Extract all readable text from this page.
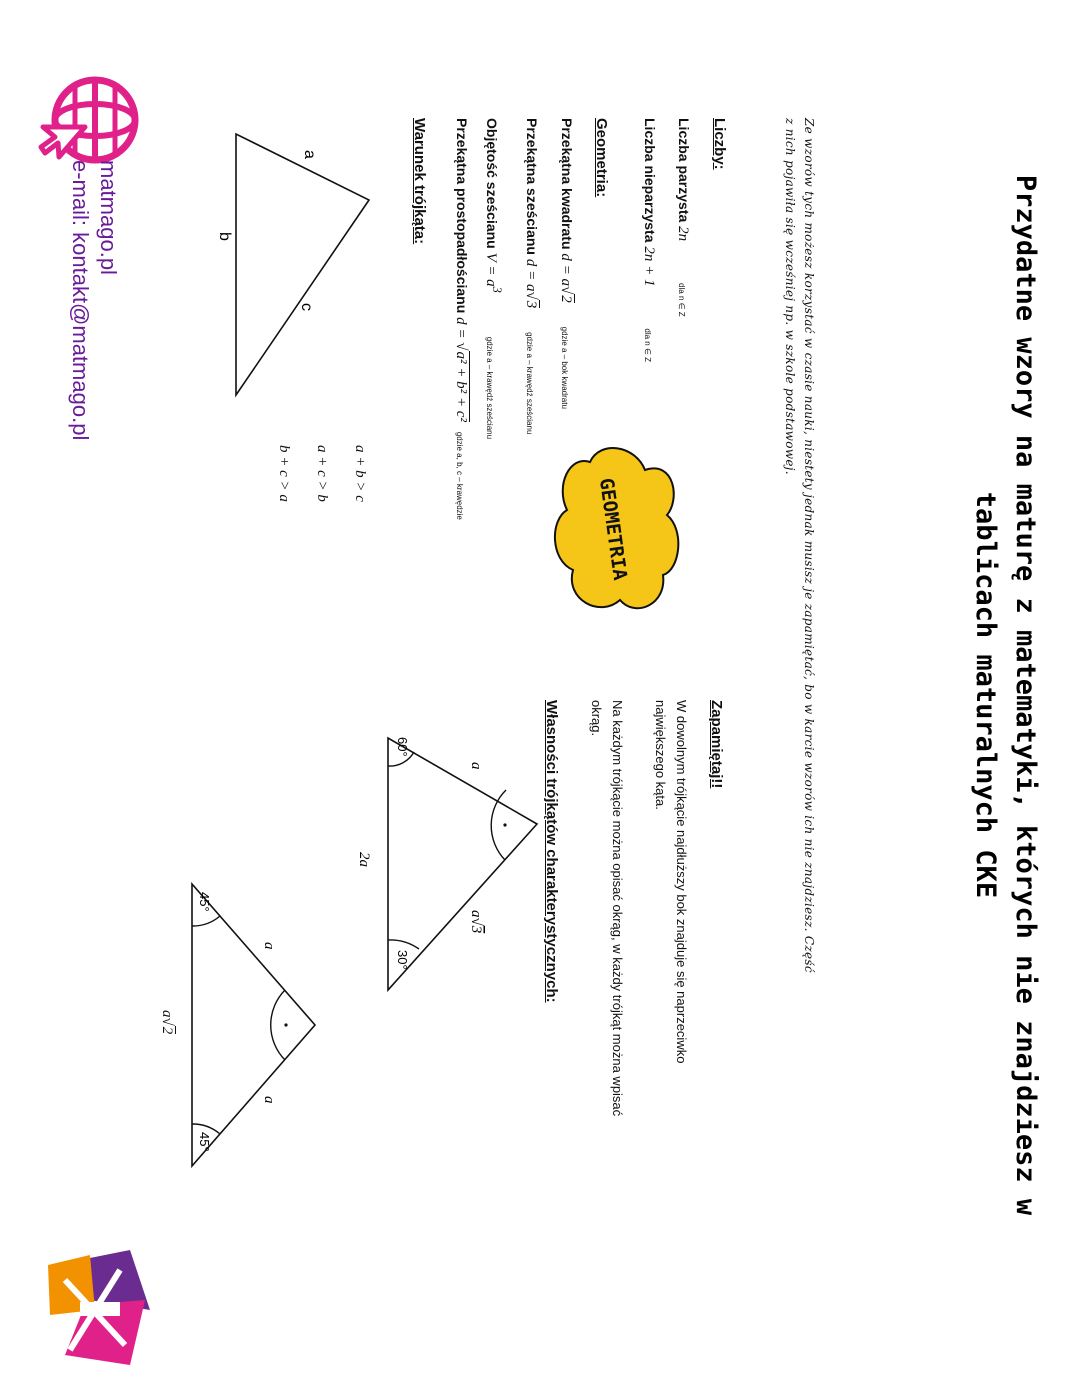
Przydatne wzory na maturę z matematyki, których nie znajdziesz w
tablicach maturalnych CKE
Ze wzorów tych możesz korzystać w czasie nauki, niestety jednak musisz je zapamiętać, bo w karcie wzorów ich nie znajdziesz. Część
z nich pojawiła się wcześniej np. w szkole podstawowej.
Liczby:
Liczba parzysta 2n dla n ∈ Z
Liczba nieparzysta 2n + 1 dla n ∈ Z
Geometria:
Przekątna kwadratu d = a√2 gdzie a – bok kwadratu
Przekątna sześcianu d = a√3 gdzie a – krawędź sześcianu
Objętość sześcianu $V = a^3$ gdzie a – krawędź sześcianu
Przekątna prostopadłościanu d = √a² + b² + c² gdzie a, b, c – krawędzie
Warunek trójkąta:
a
b
c
a + b > c
a + c > b
b + c > a
GEOMETRIA
Zapamiętaj!!
W dowolnym trójkącie najdłuższy bok znajduje się naprzeciwko
największego kąta.
Na każdym trójkącie można opisać okrąg, w każdy trójkąt można wpisać
okrąg.
Własności trójkątów charakterystycznych:
a
a√3
2a
60°
30°
a
a
45°
45°
a√2
matmago.pl
e-mail: kontakt@matmago.pl
